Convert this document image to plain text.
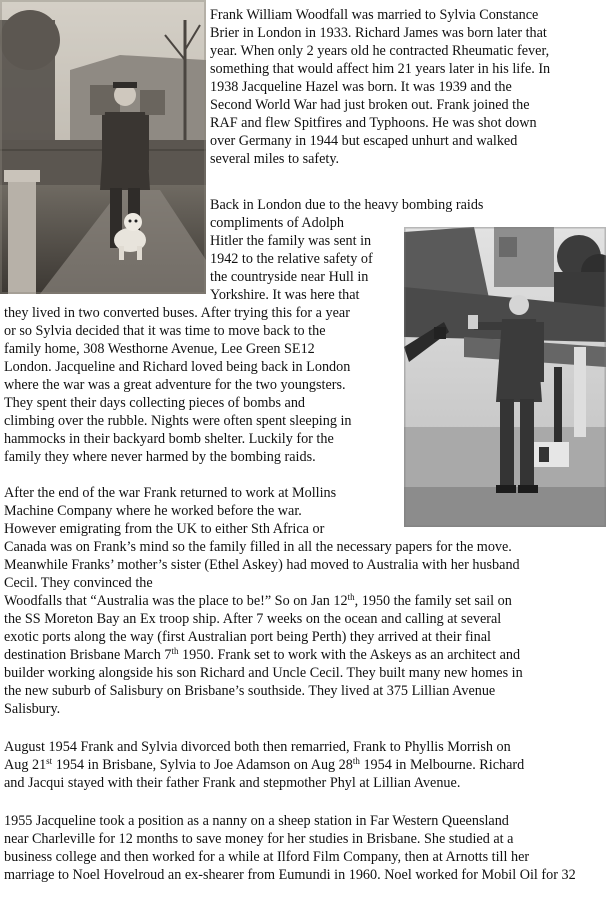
Frank William Woodfall was married to Sylvia Constance
Brier in London in 1933. Richard James was born later that
year. When only 2 years old he contracted Rheumatic fever,
something that would affect him 21 years later in his life. In
1938 Jacqueline Hazel was born. It was 1939 and the
Second World War had just broken out. Frank joined the
RAF and flew Spitfires and Typhoons. He was shot down
over Germany in 1944 but escaped unhurt and walked
several miles to safety.
Back in London due to the heavy bombing raids
compliments of Adolph
Hitler the family was sent in
1942 to the relative safety of
the countryside near Hull in
Yorkshire. It was here that
they lived in two converted buses. After trying this for a year
or so Sylvia decided that it was time to move back to the
family home, 308 Westhorne Avenue, Lee Green SE12
London. Jacqueline and Richard loved being back in London
where the war was a great adventure for the two youngsters.
They spent their days collecting pieces of bombs and
climbing over the rubble. Nights were often spent sleeping in
hammocks in their backyard bomb shelter. Luckily for the
family they where never harmed by the bombing raids.
After the end of the war Frank returned to work at Mollins
Machine Company where he worked before the war.
However emigrating from the UK to either Sth Africa or
Canada was on Frank’s mind so the family filled in all the necessary papers for the move.
Meanwhile Franks’ mother’s sister (Ethel Askey) had moved to Australia with her husband
Cecil. They convinced the
Woodfalls that “Australia was the place to be!” So on Jan 12th, 1950 the family set sail on
the SS Moreton Bay an Ex troop ship. After 7 weeks on the ocean and calling at several
exotic ports along the way (first Australian port being Perth) they arrived at their final
destination Brisbane March 7th 1950. Frank set to work with the Askeys as an architect and
builder working alongside his son Richard and Uncle Cecil. They built many new homes in
the new suburb of Salisbury on Brisbane’s southside. They lived at 375 Lillian Avenue
Salisbury.
August 1954 Frank and Sylvia divorced both then remarried, Frank to Phyllis Morrish on
Aug 21st 1954 in Brisbane, Sylvia to Joe Adamson on Aug 28th 1954 in Melbourne. Richard
and Jacqui stayed with their father Frank and stepmother Phyl at Lillian Avenue.
1955 Jacqueline took a position as a nanny on a sheep station in Far Western Queensland
near Charleville for 12 months to save money for her studies in Brisbane. She studied at a
business college and then worked for a while at Ilford Film Company, then at Arnotts till her
marriage to Noel Hovelroud an ex-shearer from Eumundi in 1960. Noel worked for Mobil Oil for 32
